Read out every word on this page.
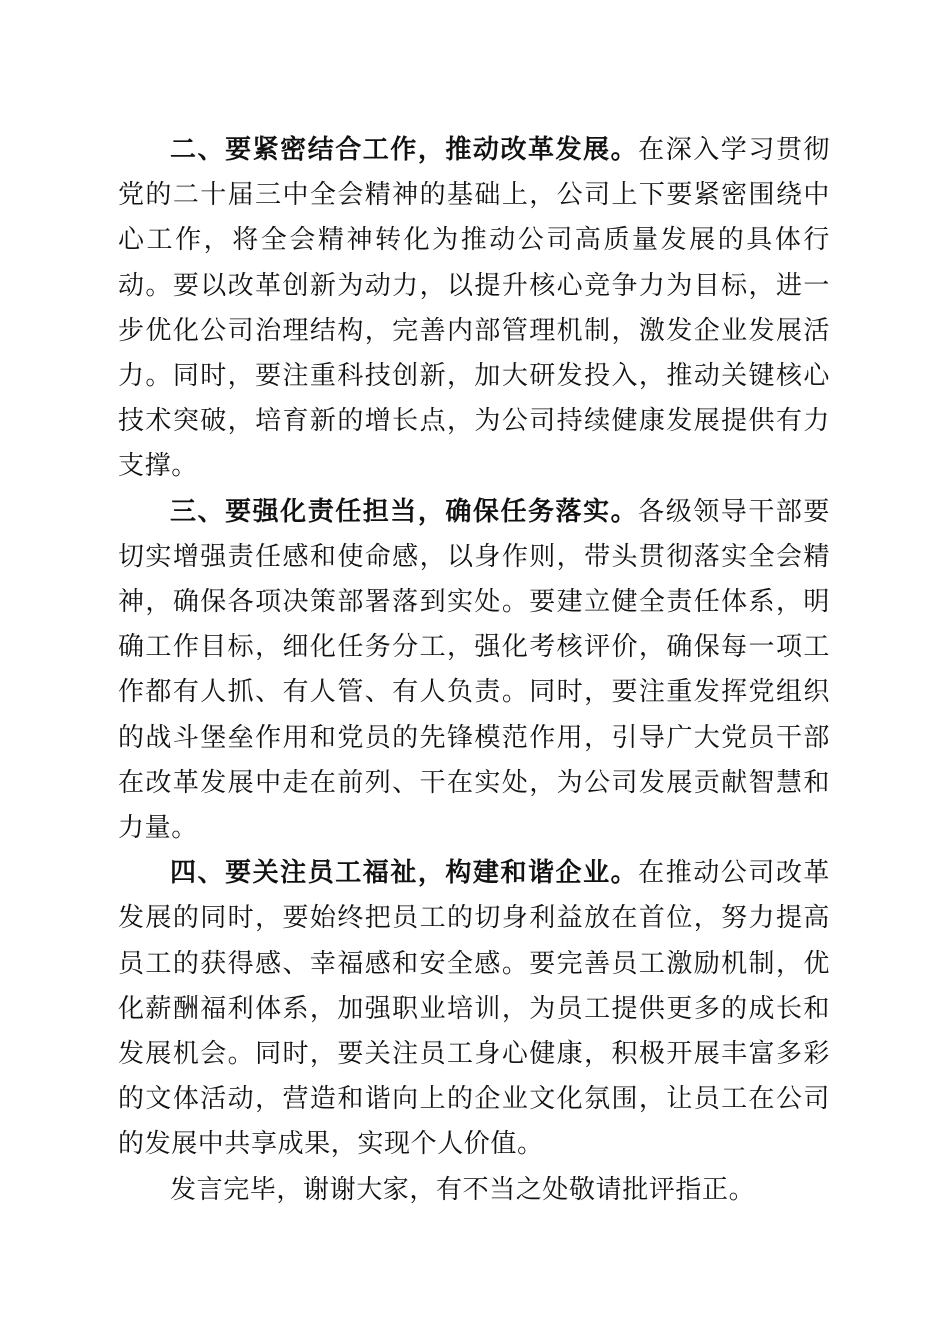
二、要紧密结合工作，推动改革发展。在深入学习贯彻党的二十届三中全会精神的基础上，公司上下要紧密围绕中心工作，将全会精神转化为推动公司高质量发展的具体行动。要以改革创新为动力，以提升核心竞争力为目标，进一步优化公司治理结构，完善内部管理机制，激发企业发展活力。同时，要注重科技创新，加大研发投入，推动关键核心技术突破，培育新的增长点，为公司持续健康发展提供有力支撑。

三、要强化责任担当，确保任务落实。各级领导干部要切实增强责任感和使命感，以身作则，带头贯彻落实全会精神，确保各项决策部署落到实处。要建立健全责任体系，明确工作目标，细化任务分工，强化考核评价，确保每一项工作都有人抓、有人管、有人负责。同时，要注重发挥党组织的战斗堡垒作用和党员的先锋模范作用，引导广大党员干部在改革发展中走在前列、干在实处，为公司发展贡献智慧和力量。

四、要关注员工福祉，构建和谐企业。在推动公司改革发展的同时，要始终把员工的切身利益放在首位，努力提高员工的获得感、幸福感和安全感。要完善员工激励机制，优化薪酬福利体系，加强职业培训，为员工提供更多的成长和发展机会。同时，要关注员工身心健康，积极开展丰富多彩的文体活动，营造和谐向上的企业文化氛围，让员工在公司的发展中共享成果，实现个人价值。

发言完毕，谢谢大家，有不当之处敬请批评指正。
